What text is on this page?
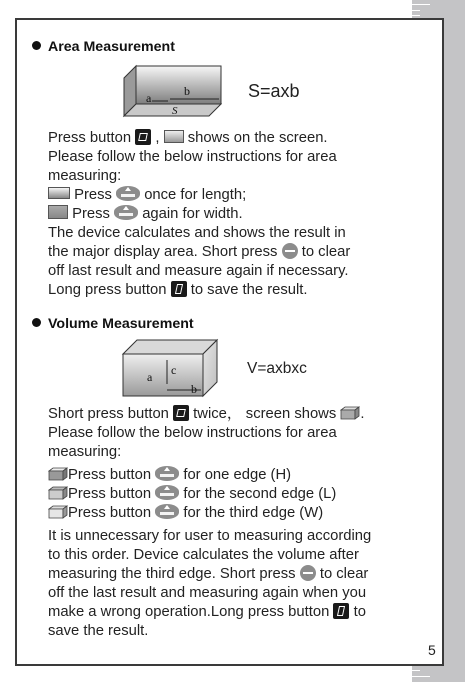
Area Measurement
b
a
S
S=axb
Press button , shows on the screen.
Please follow the below instructions for area
measuring:
Press once for length;
Press again for width.
The device calculates and shows the result in
the major display area. Short press to clear
off last result and measure again if necessary.
Long press button to save the result.
Volume Measurement
c
a
b
V=axbxc
Short press button twice， screen shows .
Please follow the below instructions for area
measuring:
Press button for one edge (H)
Press button for the second edge (L)
Press button for the third edge (W)
It is unnecessary for user to measuring according
to this order. Device calculates the volume after
measuring the third edge. Short press to clear
off the last result and measuring again when you
make a wrong operation.Long press button to
save the result.
5
